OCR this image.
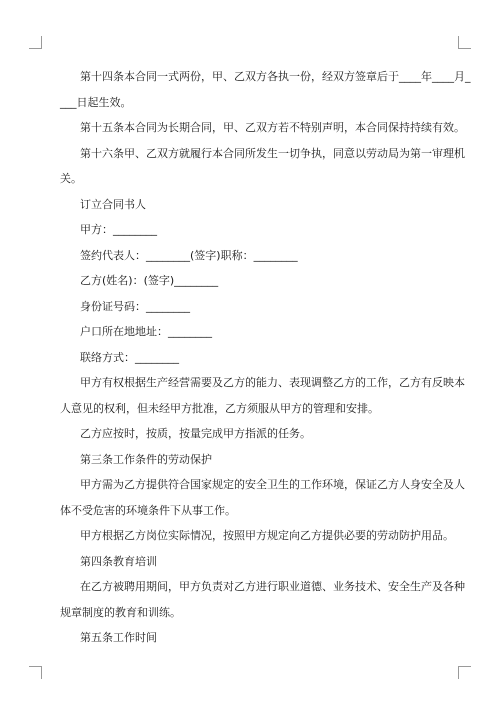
第十四条本合同一式两份，甲、乙双方各执一份，经双方签章后于____年____月_
___日起生效。
第十五条本合同为长期合同，甲、乙双方若不特别声明，本合同保持持续有效。
第十六条甲、乙双方就履行本合同所发生一切争执，同意以劳动局为第一审理机
关。
订立合同书人
甲方：________
签约代表人：________(签字)职称：________
乙方(姓名)：(签字)________
身份证号码：________
户口所在地地址：________
联络方式：________
甲方有权根据生产经营需要及乙方的能力、表现调整乙方的工作，乙方有反映本
人意见的权利，但未经甲方批准，乙方须服从甲方的管理和安排。
乙方应按时，按质，按量完成甲方指派的任务。
第三条工作条件的劳动保护
甲方需为乙方提供符合国家规定的安全卫生的工作环境，保证乙方人身安全及人
体不受危害的环境条件下从事工作。
甲方根据乙方岗位实际情况，按照甲方规定向乙方提供必要的劳动防护用品。
第四条教育培训
在乙方被聘用期间，甲方负责对乙方进行职业道德、业务技术、安全生产及各种
规章制度的教育和训练。
第五条工作时间
